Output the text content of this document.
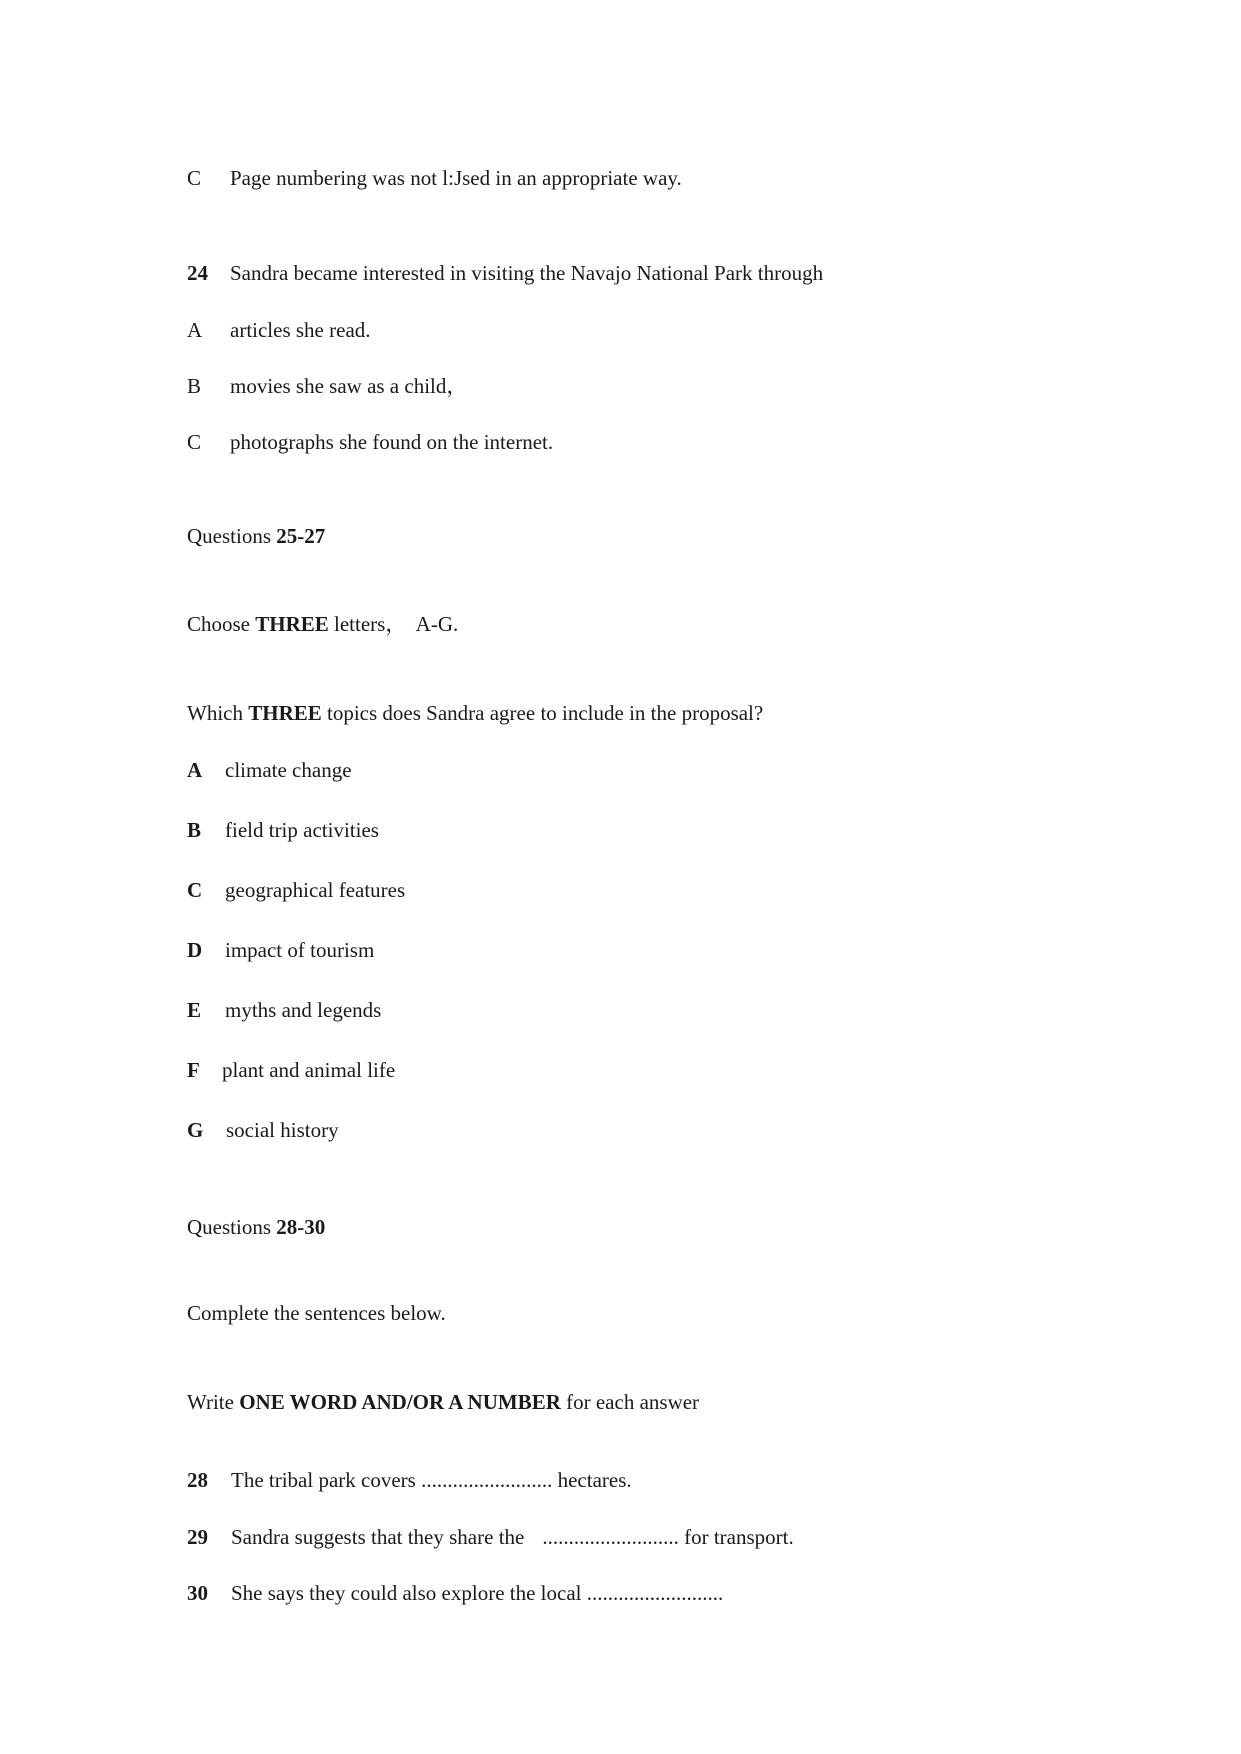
C Page numbering was not l:Jsed in an appropriate way.
24 Sandra became interested in visiting the Navajo National Park through
A articles she read.
B movies she saw as a child，
C photographs she found on the internet.
Questions 25-27
Choose THREE letters，  A-G.
Which THREE topics does Sandra agree to include in the proposal?
A climate change
B field trip activities
C geographical features
D impact of tourism
E myths and legends
F plant and animal life
G social history
Questions 28-30
Complete the sentences below.
Write ONE WORD AND/OR A NUMBER for each answer
28 The tribal park covers ......................... hectares.
29 Sandra suggests that they share the .......................... for transport.
30 She says they could also explore the local ..........................
